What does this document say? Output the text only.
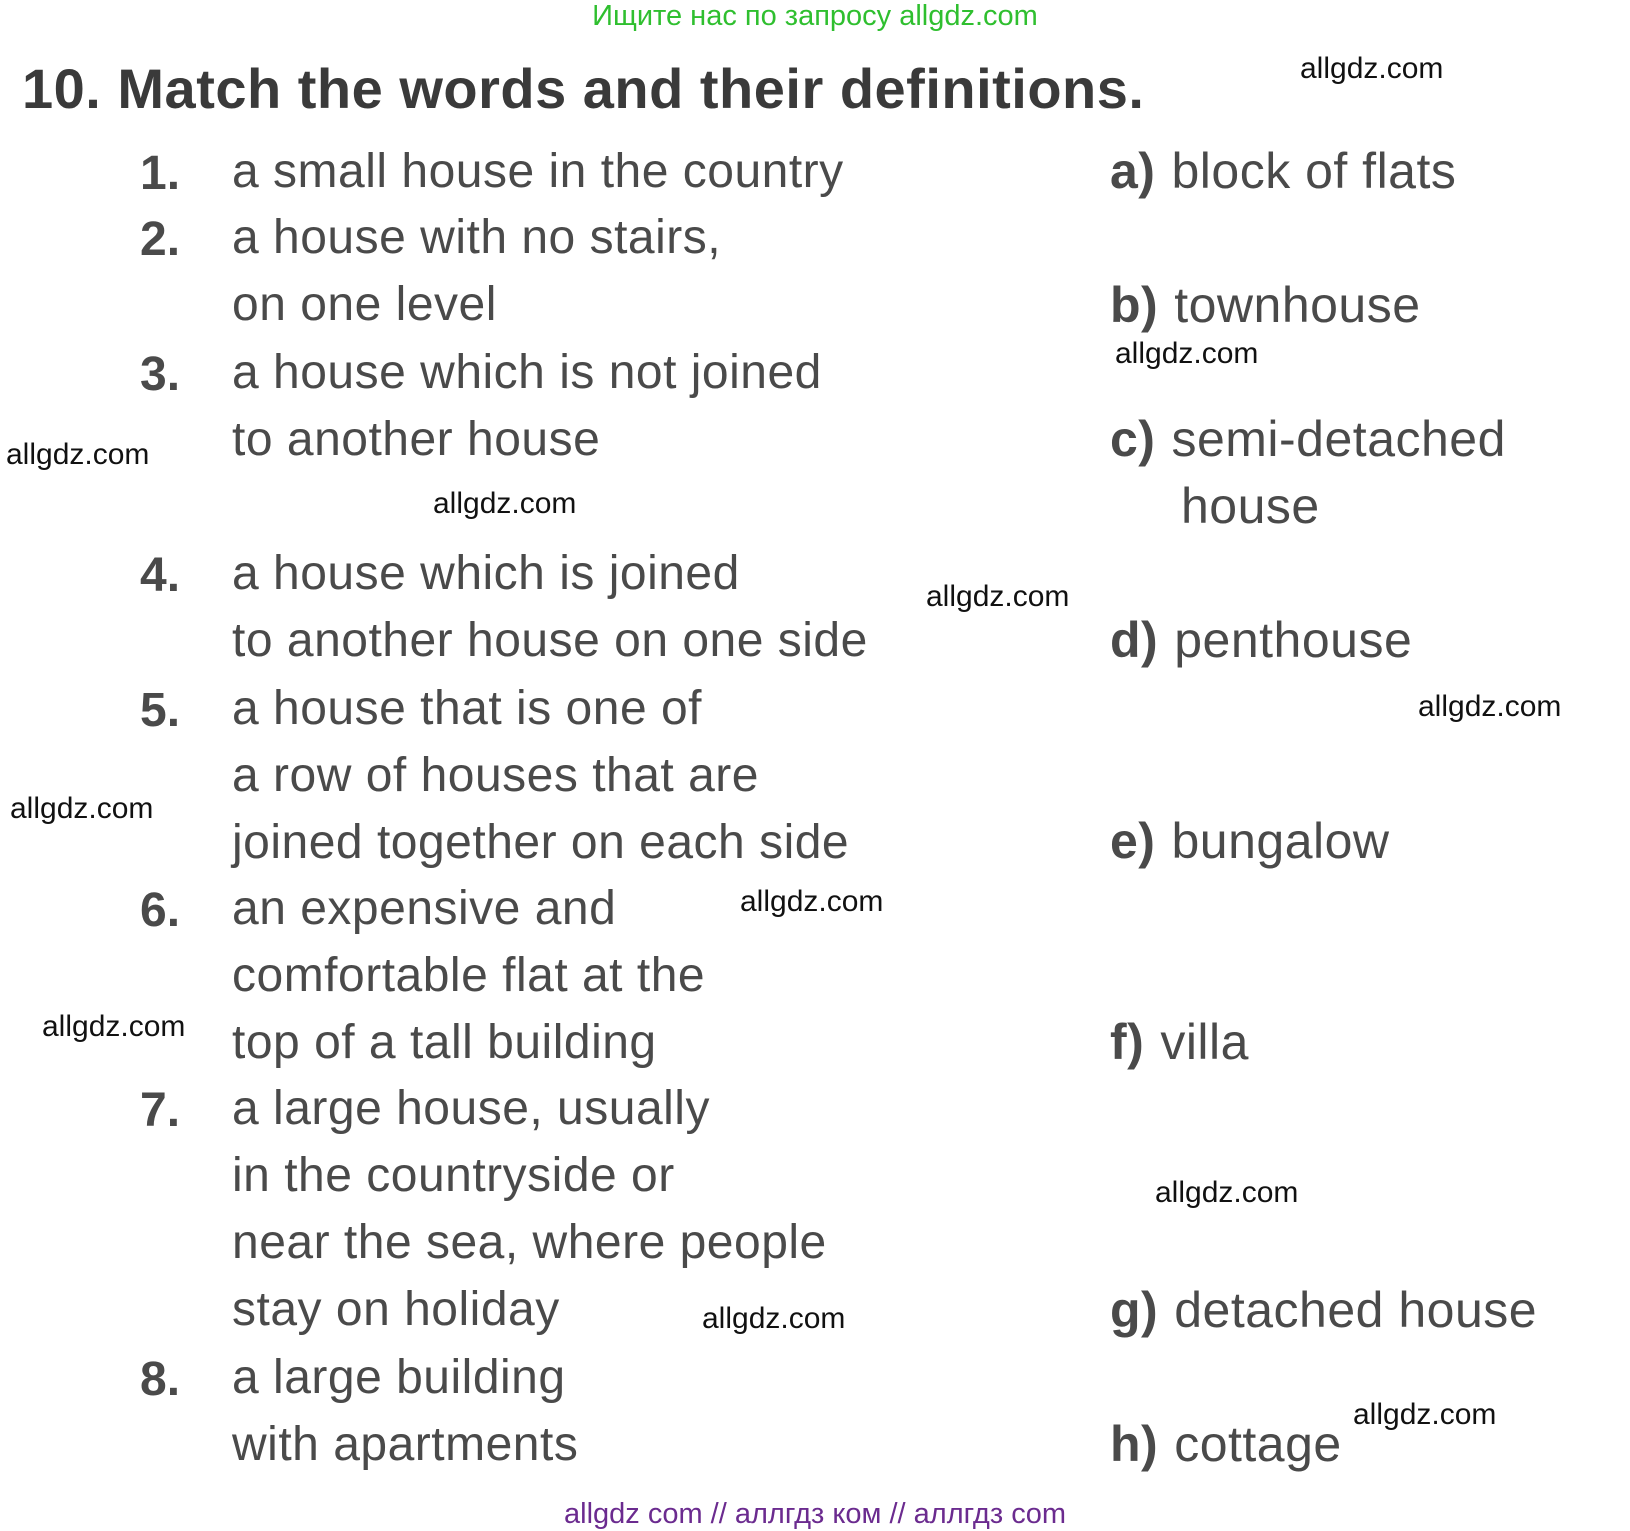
Ищите нас по запросу allgdz.com
10. Match the words and their definitions.
1.
2.
3.
4.
5.
6.
7.
8.
a small house in the country
a house with no stairs,
on one level
a house which is not joined
to another house
a house which is joined
to another house on one side
a house that is one of
a row of houses that are
joined together on each side
an expensive and
comfortable flat at the
top of a tall building
a large house, usually
in the countryside or
near the sea, where people
stay on holiday
a large building
with apartments
a) block of flats
b) townhouse
c) semi-detached
house
d) penthouse
e) bungalow
f) villa
g) detached house
h) cottage
allgdz.com
allgdz.com
allgdz.com
allgdz.com
allgdz.com
allgdz.com
allgdz.com
allgdz.com
allgdz.com
allgdz.com
allgdz.com
allgdz.com
allgdz com // аллгдз ком // аллгдз com
